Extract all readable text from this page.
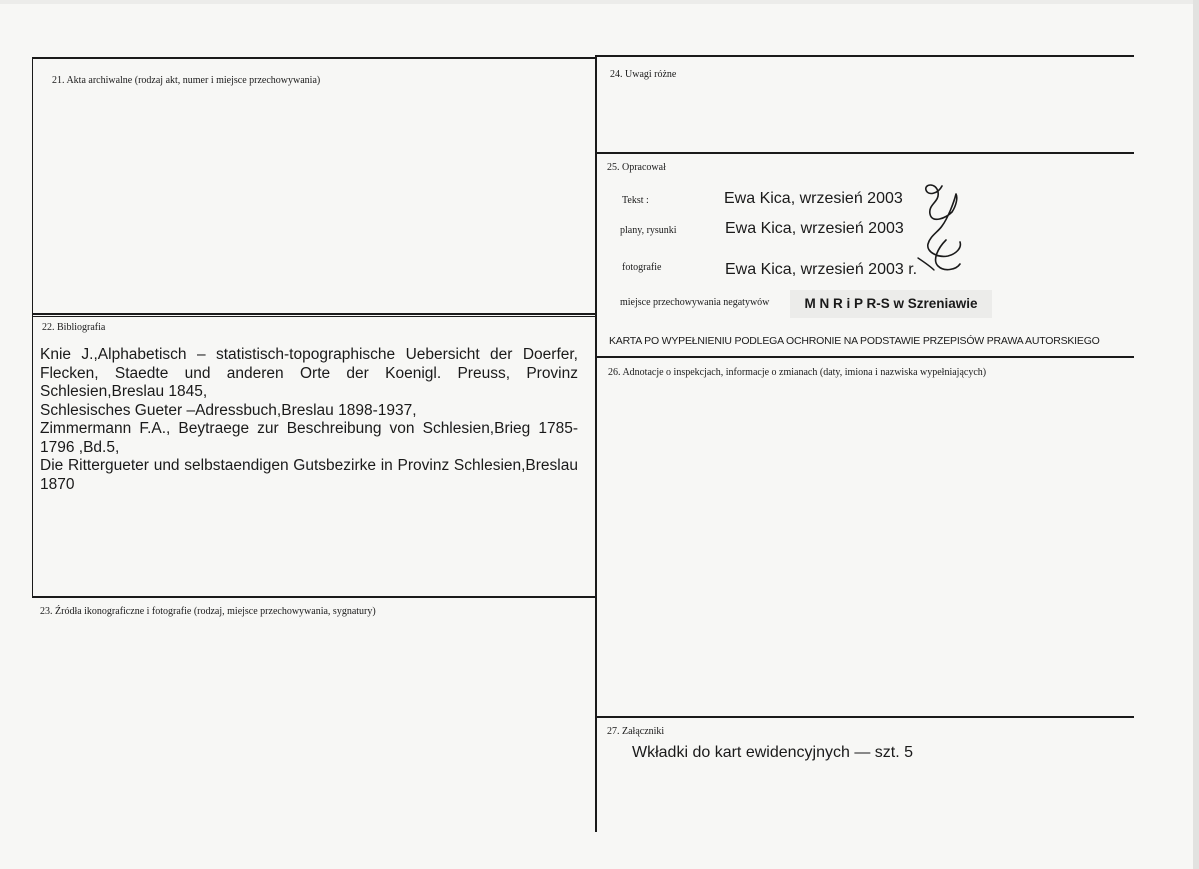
21. Akta archiwalne (rodzaj akt, numer i miejsce przechowywania)
22. Bibliografia
Knie J.,Alphabetisch – statistisch-topographische Uebersicht der Doerfer, Flecken, Staedte und anderen Orte der Koenigl. Preuss, Provinz Schlesien,Breslau 1845,
Schlesisches Gueter –Adressbuch,Breslau 1898-1937,
Zimmermann F.A., Beytraege zur Beschreibung von Schlesien,Brieg 1785-1796 ,Bd.5,
Die Rittergueter und selbstaendigen Gutsbezirke in Provinz Schlesien,Breslau 1870
23. Źródła ikonograficzne i fotografie (rodzaj, miejsce przechowywania, sygnatury)
24. Uwagi różne
25. Opracował
Tekst :	Ewa Kica, wrzesień 2003
plany, rysunki	Ewa Kica, wrzesień 2003
fotografie	Ewa Kica, wrzesień 2003 r.
miejsce przechowywania negatywów	M N R i P R-S w Szreniawie
KARTA PO WYPEŁNIENIU PODLEGA OCHRONIE NA PODSTAWIE PRZEPISÓW PRAWA AUTORSKIEGO
26. Adnotacje o inspekcjach, informacje o zmianach (daty, imiona i nazwiska wypełniających)
27. Załączniki
Wkładki do kart ewidencyjnych — szt. 5
